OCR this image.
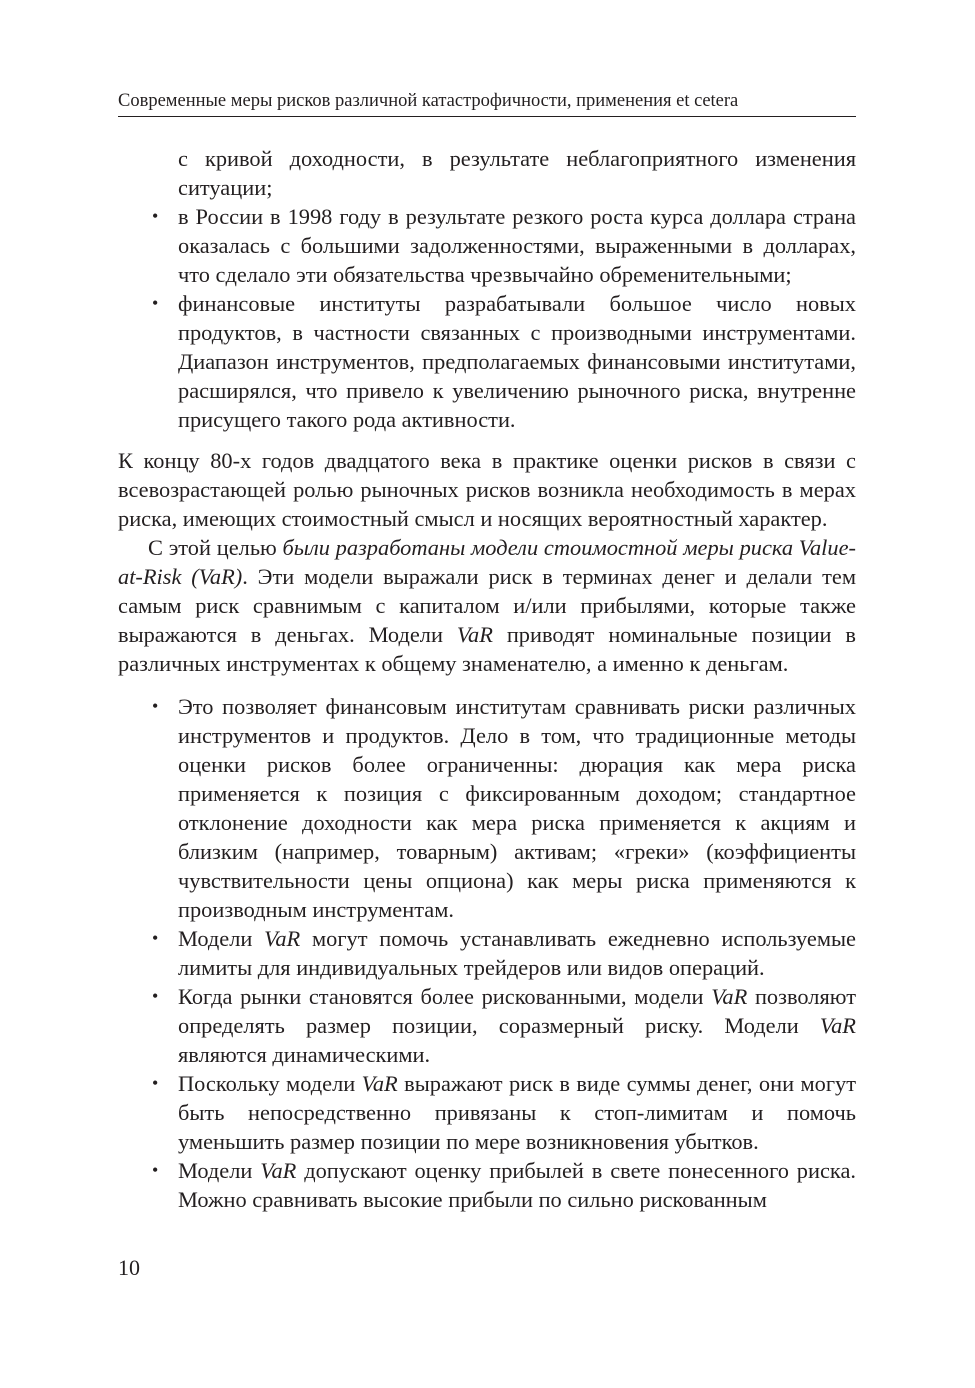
Современные меры рисков различной катастрофичности, применения et cetera

с кривой доходности, в результате неблагоприятного изменения ситуации;

• в России в 1998 году в результате резкого роста курса доллара страна оказалась с большими задолженностями, выраженными в долларах, что сделало эти обязательства чрезвычайно обременительными;
• финансовые институты разрабатывали большое число новых продуктов, в частности связанных с производными инструментами. Диапазон инструментов, предполагаемых финансовыми институтами, расширялся, что привело к увеличению рыночного риска, внутренне присущего такого рода активности.

К концу 80-х годов двадцатого века в практике оценки рисков в связи с всевозрастающей ролью рыночных рисков возникла необходимость в мерах риска, имеющих стоимостный смысл и носящих вероятностный характер.

С этой целью были разработаны модели стоимостной меры риска Value-at-Risk (VaR). Эти модели выражали риск в терминах денег и делали тем самым риск сравнимым с капиталом и/или прибылями, которые также выражаются в деньгах. Модели VaR приводят номинальные позиции в различных инструментах к общему знаменателю, а именно к деньгам.

• Это позволяет финансовым институтам сравнивать риски различных инструментов и продуктов. Дело в том, что традиционные методы оценки рисков более ограниченны: дюрация как мера риска применяется к позиция с фиксированным доходом; стандартное отклонение доходности как мера риска применяется к акциям и близким (например, товарным) активам; «греки» (коэффициенты чувствительности цены опциона) как меры риска применяются к производным инструментам.
• Модели VaR могут помочь устанавливать ежедневно используемые лимиты для индивидуальных трейдеров или видов операций.
• Когда рынки становятся более рискованными, модели VaR позволяют определять размер позиции, соразмерный риску. Модели VaR являются динамическими.
• Поскольку модели VaR выражают риск в виде суммы денег, они могут быть непосредственно привязаны к стоп-лимитам и помочь уменьшить размер позиции по мере возникновения убытков.
• Модели VaR допускают оценку прибылей в свете понесенного риска. Можно сравнивать высокие прибыли по сильно рискованным
10
